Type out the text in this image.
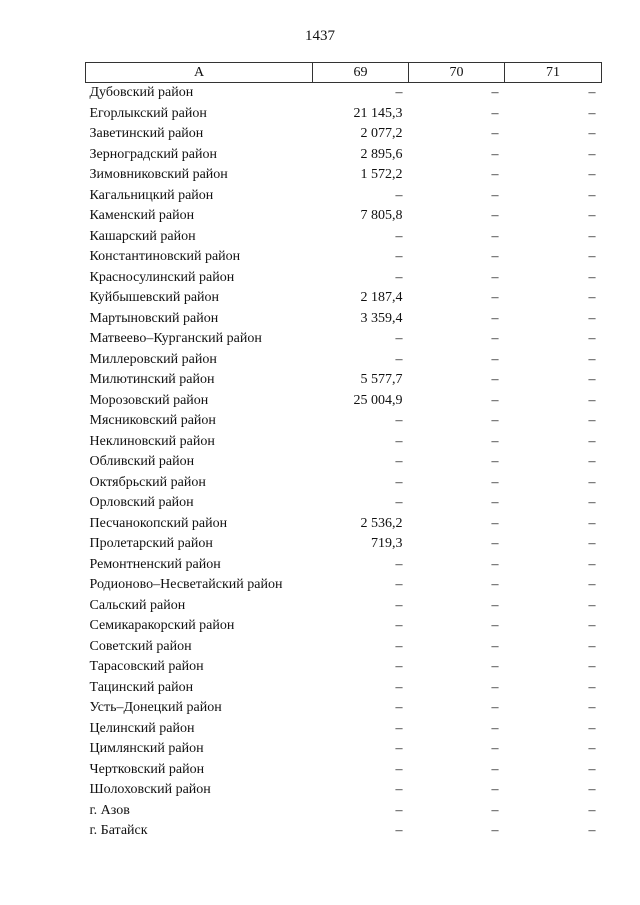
1437
А	69	70	71
Дубовский район	–	–	–
Егорлыкский район	21 145,3	–	–
Заветинский район	2 077,2	–	–
Зерноградский район	2 895,6	–	–
Зимовниковский район	1 572,2	–	–
Кагальницкий район	–	–	–
Каменский район	7 805,8	–	–
Кашарский район	–	–	–
Константиновский район	–	–	–
Красносулинский район	–	–	–
Куйбышевский район	2 187,4	–	–
Мартыновский район	3 359,4	–	–
Матвеево–Курганский район	–	–	–
Миллеровский район	–	–	–
Милютинский район	5 577,7	–	–
Морозовский район	25 004,9	–	–
Мясниковский район	–	–	–
Неклиновский район	–	–	–
Обливский район	–	–	–
Октябрьский район	–	–	–
Орловский район	–	–	–
Песчанокопский район	2 536,2	–	–
Пролетарский район	719,3	–	–
Ремонтненский район	–	–	–
Родионово–Несветайский район	–	–	–
Сальский район	–	–	–
Семикаракорский район	–	–	–
Советский район	–	–	–
Тарасовский район	–	–	–
Тацинский район	–	–	–
Усть–Донецкий район	–	–	–
Целинский район	–	–	–
Цимлянский район	–	–	–
Чертковский район	–	–	–
Шолоховский район	–	–	–
г. Азов	–	–	–
г. Батайск	–	–	–
